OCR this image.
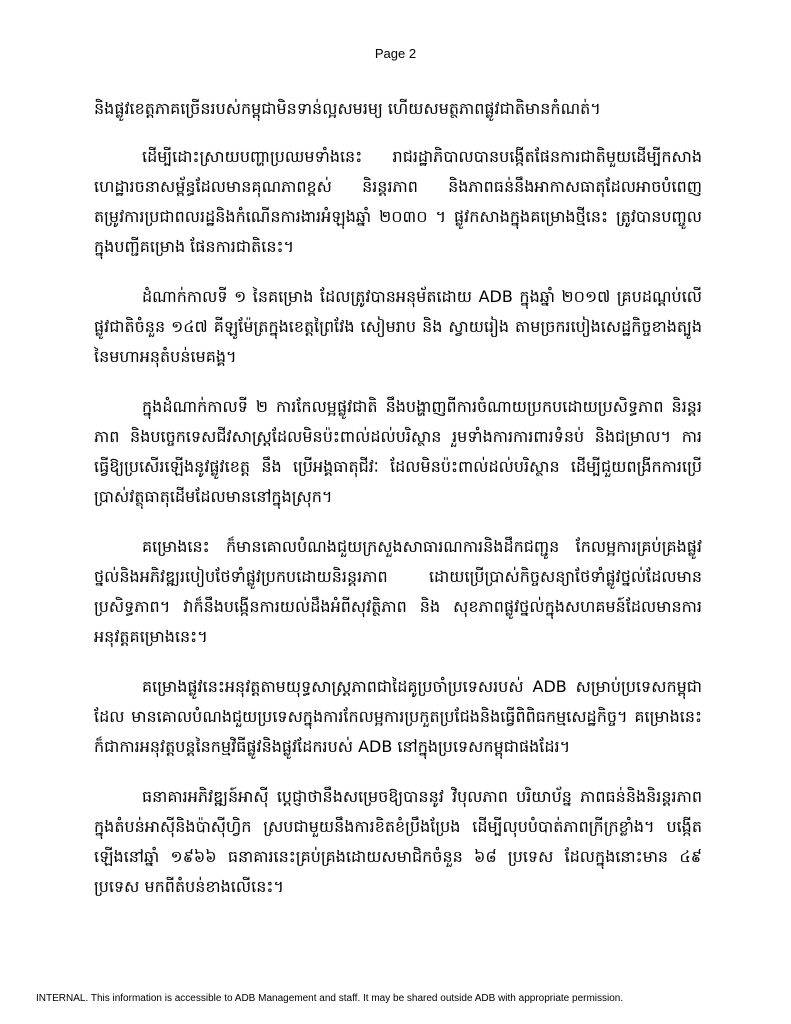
Page 2

និងផ្លូវខេត្តភាគច្រើនរបស់កម្ពុជាមិនទាន់ល្អសមរម្យ ហើយសមត្ថភាពផ្លូវជាតិមានកំណត់។

ដើម្បីដោះស្រាយបញ្ហាប្រឈមទាំងនេះ រាជរដ្ឋាភិបាលបានបង្កើតផែនការជាតិមួយដើម្បីកសាងហេដ្ឋារចនាសម្ព័ន្ធដែលមានគុណភាពខ្ពស់ និរន្តរភាព និងភាពធន់នឹងអាកាសធាតុដែលអាចបំពេញ តម្រូវការប្រជាពលរដ្ឋនិងកំណើនការងារអំឡុងឆ្នាំ ២០៣០ ។ ផ្លូវកសាងក្នុងគម្រោងថ្មីនេះ ត្រូវបានបញ្ចូលក្នុងបញ្ជីគម្រោង ផែនការជាតិនេះ។

ដំណាក់កាលទី ១ នៃគម្រោង ដែលត្រូវបានអនុម័តដោយ ADB ក្នុងឆ្នាំ ២០១៧ គ្របដណ្តប់លើផ្លូវជាតិចំនួន ១៤៧ គីឡូម៉ែត្រក្នុងខេត្តព្រៃវែង សៀមរាប និង ស្វាយរៀង តាមច្រករបៀងសេដ្ឋកិច្ចខាងត្បូងនៃមហាអនុតំបន់មេគង្គ។

ក្នុងដំណាក់កាលទី ២ ការកែលម្អផ្លូវជាតិ នឹងបង្ហាញពីការចំណាយប្រកបដោយប្រសិទ្ធភាព និរន្តរភាព និងបច្ចេកទេសជីវសាស្ត្រដែលមិនប៉ះពាល់ដល់បរិស្ថាន រួមទាំងការការពារទំនប់ និងជម្រាល។ ការធ្វើឱ្យប្រសើរឡើងនូវផ្លូវខេត្ត នឹង ប្រើអង្គធាតុជីវៈ ដែលមិនប៉ះពាល់ដល់បរិស្ថាន ដើម្បីជួយពង្រីកការប្រើប្រាស់វត្ថុធាតុដើមដែលមាននៅក្នុងស្រុក។

គម្រោងនេះ ក៏មានគោលបំណងជួយក្រសួងសាធារណការនិងដឹកជញ្ជូន កែលម្អការគ្រប់គ្រងផ្លូវថ្នល់និងអភិវឌ្ឍរបៀបថែទាំផ្លូវប្រកបដោយនិរន្តរភាព ដោយប្រើប្រាស់កិច្ចសន្យាថែទាំផ្លូវថ្នល់ដែលមានប្រសិទ្ធភាព។ វាក៏នឹងបង្កើនការយល់ដឹងអំពីសុវត្ថិភាព និង សុខភាពផ្លូវថ្នល់ក្នុងសហគមន៍ដែលមានការអនុវត្តគម្រោងនេះ។

គម្រោងផ្លូវនេះអនុវត្តតាមយុទ្ធសាស្ត្រភាពជាដៃគូប្រចាំប្រទេសរបស់ ADB សម្រាប់ប្រទេសកម្ពុជា ដែល មានគោលបំណងជួយប្រទេសក្នុងការកែលម្អការប្រកួតប្រជែងនិងធ្វើពិពិធកម្មសេដ្ឋកិច្ច។ គម្រោងនេះក៏ជាការអនុវត្តបន្តនៃកម្មវិធីផ្លូវនិងផ្លូវដែករបស់ ADB នៅក្នុងប្រទេសកម្ពុជាផងដែរ។

ធនាគារអភិវឌ្ឍន៍អាស៊ី ប្តេជ្ញាថានឹងសម្រេចឱ្យបាននូវ វិបុលភាព បរិយាប័ន្ន ភាពធន់និងនិរន្តរភាព ក្នុងតំបន់អាស៊ីនិងប៉ាស៊ីហ្វិក ស្របជាមួយនឹងការខិតខំប្រឹងប្រែង ដើម្បីលុបបំបាត់ភាពក្រីក្រខ្លាំង។ បង្កើតឡើងនៅឆ្នាំ ១៩៦៦ ធនាគារនេះគ្រប់គ្រងដោយសមាជិកចំនួន ៦៨ ប្រទេស ដែលក្នុងនោះមាន ៤៩ ប្រទេស មកពីតំបន់ខាងលើនេះ។

INTERNAL. This information is accessible to ADB Management and staff. It may be shared outside ADB with appropriate permission.
